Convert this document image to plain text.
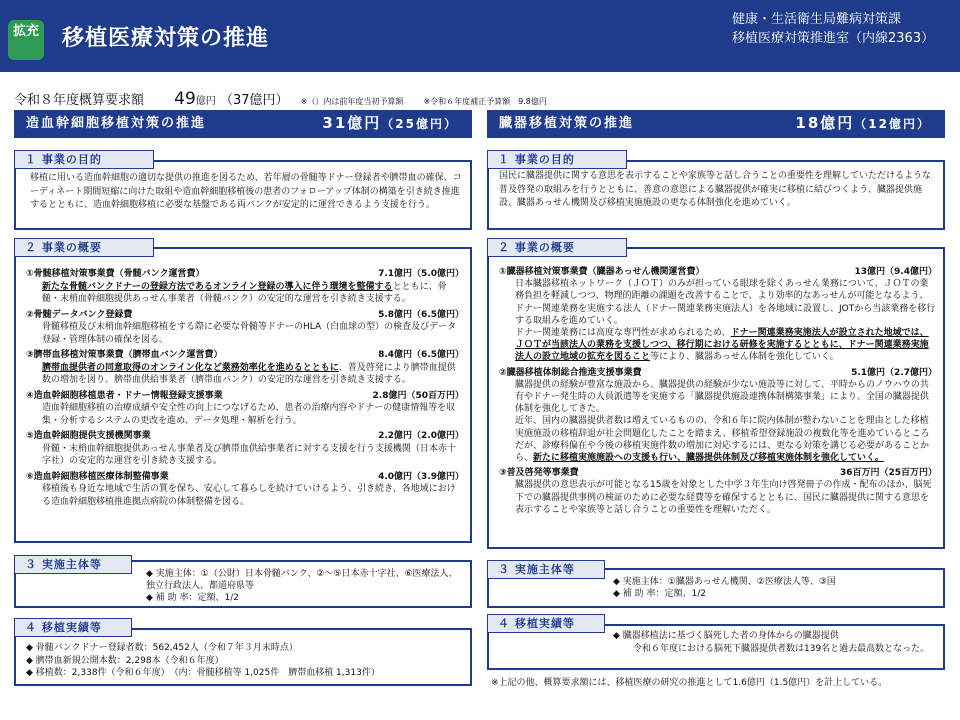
拡充 移植医療対策の推進
健康・生活衛生局難病対策課
移植医療対策推進室（内線2363）
令和８年度概算要求額 49億円 （37億円） ※（）内は前年度当初予算額	※令和６年度補正予算額　9.8億円
造血幹細胞移植対策の推進	31億円（25億円）
１ 事業の目的
移植に用いる造血幹細胞の適切な提供の推進を図るため、若年層の骨髄等ドナー登録者や臍帯血の確保、コーディネート期間短縮に向けた取組や造血幹細胞移植後の患者のフォローアップ体制の構築を引き続き推進するとともに、造血幹細胞移植に必要な基盤である両バンクが安定的に運営できるよう支援を行う。
２ 事業の概要
①骨髄移植対策事業費（骨髄バンク運営費）	7.1億円（5.0億円）
新たな骨髄バンクドナーの登録方法であるオンライン登録の導入に伴う環境を整備するとともに、骨髄・末梢血幹細胞提供あっせん事業者（骨髄バンク）の安定的な運営を引き続き支援する。
②骨髄データバンク登録費	5.8億円（6.5億円）
骨髄移植及び末梢血幹細胞移植をする際に必要な骨髄等ドナーのHLA（白血球の型）の検査及びデータ登録・管理体制の確保を図る。
③臍帯血移植対策事業費（臍帯血バンク運営費）	8.4億円（6.5億円）
臍帯血提供者の同意取得のオンライン化など業務効率化を進めるとともに、普及啓発により臍帯血提供数の増加を図り、臍帯血供給事業者（臍帯血バンク）の安定的な運営を引き続き支援する。
④造血幹細胞移植患者・ドナー情報登録支援事業	2.8億円（50百万円）
造血幹細胞移植の治療成績や安全性の向上につなげるため、患者の治療内容やドナーの健康情報等を収集・分析するシステムの更改を進め、データ処理・解析を行う。
⑤造血幹細胞提供支援機関事業	2.2億円（2.0億円）
骨髄・末梢血幹細胞提供あっせん事業者及び臍帯血供給事業者に対する支援を行う支援機関（日本赤十字社）の安定的な運営を引き続き支援する。
⑥造血幹細胞移植医療体制整備事業	4.0億円（3.9億円）
移植後も身近な地域で生活の質を保ち、安心して暮らしを続けていけるよう、引き続き、各地域における造血幹細胞移植推進拠点病院の体制整備を図る。
３ 実施主体等
◆ 実施主体：①（公財）日本骨髄バンク、②～⑤日本赤十字社、⑥医療法人、独立行政法人、都道府県等
◆ 補 助 率：定額、1/2
４ 移植実績等
◆ 骨髄バンクドナー登録者数：562,452人（令和７年３月末時点）
◆ 臍帯血新規公開本数：2,298本（令和６年度）
◆ 移植数：2,338件（令和６年度）　（内：骨髄移植等 1,025件　臍帯血移植 1,313件）
臓器移植対策の推進	18億円（12億円）
１ 事業の目的
国民に臓器提供に関する意思を表示することや家族等と話し合うことの重要性を理解していただけるような普及啓発の取組みを行うとともに、善意の意思による臓器提供が確実に移植に結びつくよう、臓器提供施設、臓器あっせん機関及び移植実施施設の更なる体制強化を進めていく。
２ 事業の概要
①臓器移植対策事業費（臓器あっせん機関運営費）	13億円（9.4億円）
日本臓器移植ネットワーク（ＪＯＴ）のみが担っている眼球を除くあっせん業務について、ＪＯＴの業務負担を軽減しつつ、物理的距離の課題を改善することで、より効率的なあっせんが可能となるよう、ドナー関連業務を実施する法人（ドナー関連業務実施法人）を各地域に設置し、JOTから当該業務を移行する取組みを進めていく。
ドナー関連業務には高度な専門性が求められるため、ドナー関連業務実施法人が設立された地域では、ＪＯＴが当該法人の業務を支援しつつ、移行期における研修を実施するとともに、ドナー関連業務実施法人の設立地域の拡充を図ること等により、臓器あっせん体制を強化していく。
②臓器移植体制総合推進支援事業費	5.1億円（2.7億円）
臓器提供の経験が豊富な施設から、臓器提供の経験が少ない施設等に対して、平時からのノウハウの共有やドナー発生時の人員派遣等を実施する「臓器提供施設連携体制構築事業」により、全国の臓器提供体制を強化してきた。
近年、国内の臓器提供者数は増えているものの、令和６年に院内体制が整わないことを理由とした移植実施施設の移植辞退が社会問題化したことを踏まえ、移植希望登録施設の複数化等を進めているところだが、診療科偏在や今後の移植実施件数の増加に対応するには、更なる対策を講じる必要があることから、新たに移植実施施設への支援も行い、臓器提供体制及び移植実施体制を強化していく。
③普及啓発等事業費	36百万円（25百万円）
臓器提供の意思表示が可能となる15歳を対象とした中学３年生向け啓発冊子の作成・配布のほか、脳死下での臓器提供事例の検証のために必要な経費等を確保するとともに、国民に臓器提供に関する意思を表示することや家族等と話し合うことの重要性を理解いただく。
３ 実施主体等
◆ 実施主体：①臓器あっせん機関、②医療法人等、③国
◆ 補 助 率：定額、1/2
４ 移植実績等
◆ 臓器移植法に基づく脳死した者の身体からの臓器提供
令和６年度における脳死下臓器提供者数は139名と過去最高数となった。
※上記の他、概算要求額には、移植医療の研究の推進として1.6億円（1.5億円）を計上している。
